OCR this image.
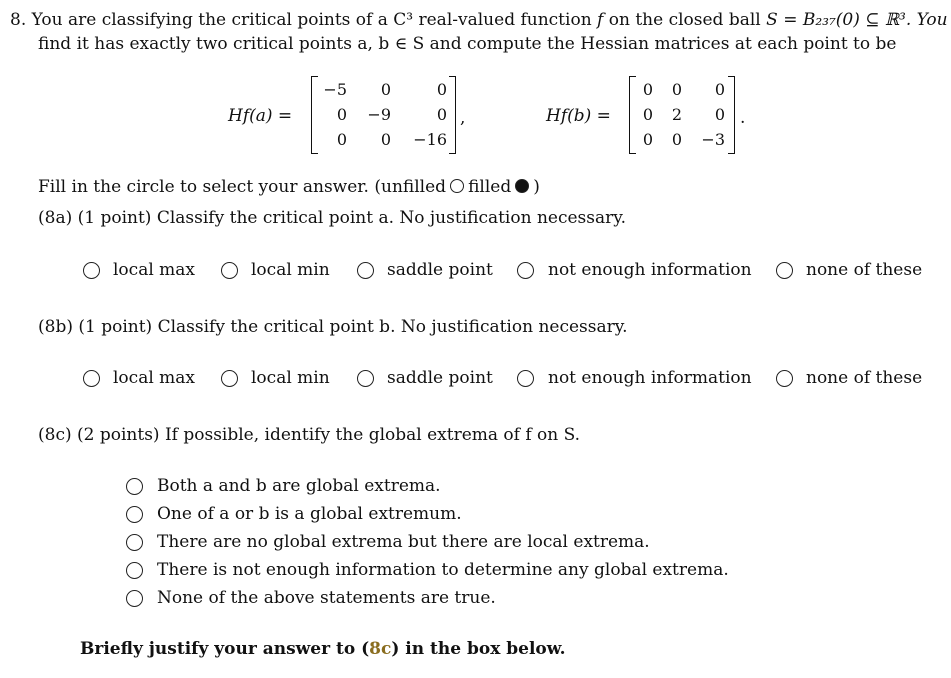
8. You are classifying the critical points of a C³ real-valued function f on the closed ball S = B₂₃₇(0) ⊆ ℝ³. You
find it has exactly two critical points a, b ∈ S and compute the Hessian matrices at each point to be
Hf(a) =
−5	0	0
0	−9	0
0	0	−16
,	Hf(b) =
0	0	0
0	2	0
0	0	−3
.
Fill in the circle to select your answer. (unfilled filled )
(8a) (1 point) Classify the critical point a. No justification necessary.
local max	local min	saddle point	not enough information	none of these
(8b) (1 point) Classify the critical point b. No justification necessary.
local max	local min	saddle point	not enough information	none of these
(8c) (2 points) If possible, identify the global extrema of f on S.
Both a and b are global extrema.
One of a or b is a global extremum.
There are no global extrema but there are local extrema.
There is not enough information to determine any global extrema.
None of the above statements are true.
Briefly justify your answer to (8c) in the box below.
